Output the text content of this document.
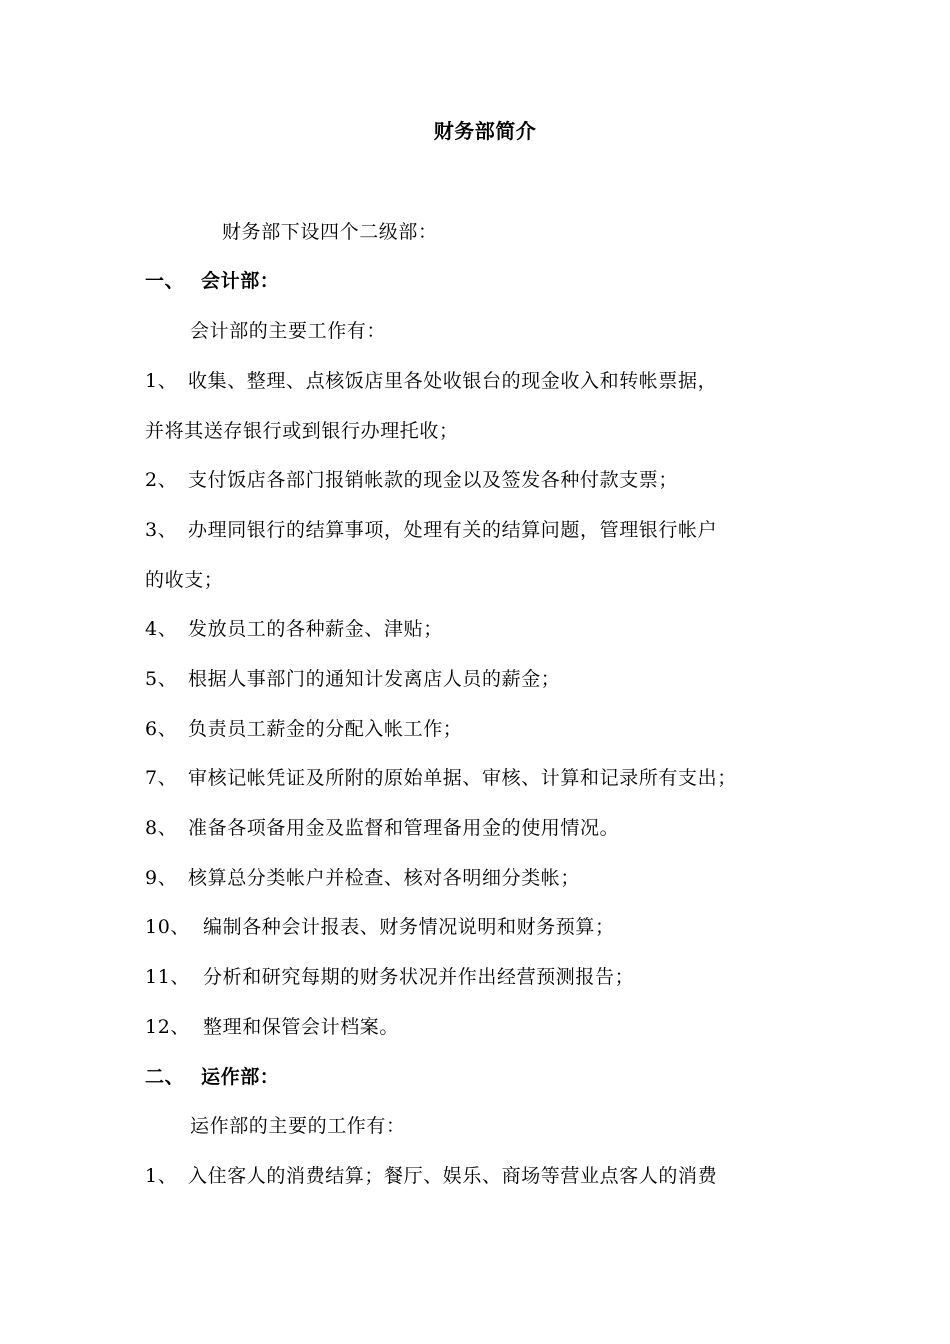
财务部简介

财务部下设四个二级部：

一、 会计部：

会计部的主要工作有：

1、 收集、整理、点核饭店里各处收银台的现金收入和转帐票据，

并将其送存银行或到银行办理托收；

2、 支付饭店各部门报销帐款的现金以及签发各种付款支票；

3、 办理同银行的结算事项，处理有关的结算问题，管理银行帐户

的收支；

4、 发放员工的各种薪金、津贴；

5、 根据人事部门的通知计发离店人员的薪金；

6、 负责员工薪金的分配入帐工作；

7、 审核记帐凭证及所附的原始单据、审核、计算和记录所有支出；

8、 准备各项备用金及监督和管理备用金的使用情况。

9、 核算总分类帐户并检查、核对各明细分类帐；

10、 编制各种会计报表、财务情况说明和财务预算；

11、 分析和研究每期的财务状况并作出经营预测报告；

12、 整理和保管会计档案。

二、 运作部：

运作部的主要的工作有：

1、 入住客人的消费结算；餐厅、娱乐、商场等营业点客人的消费
